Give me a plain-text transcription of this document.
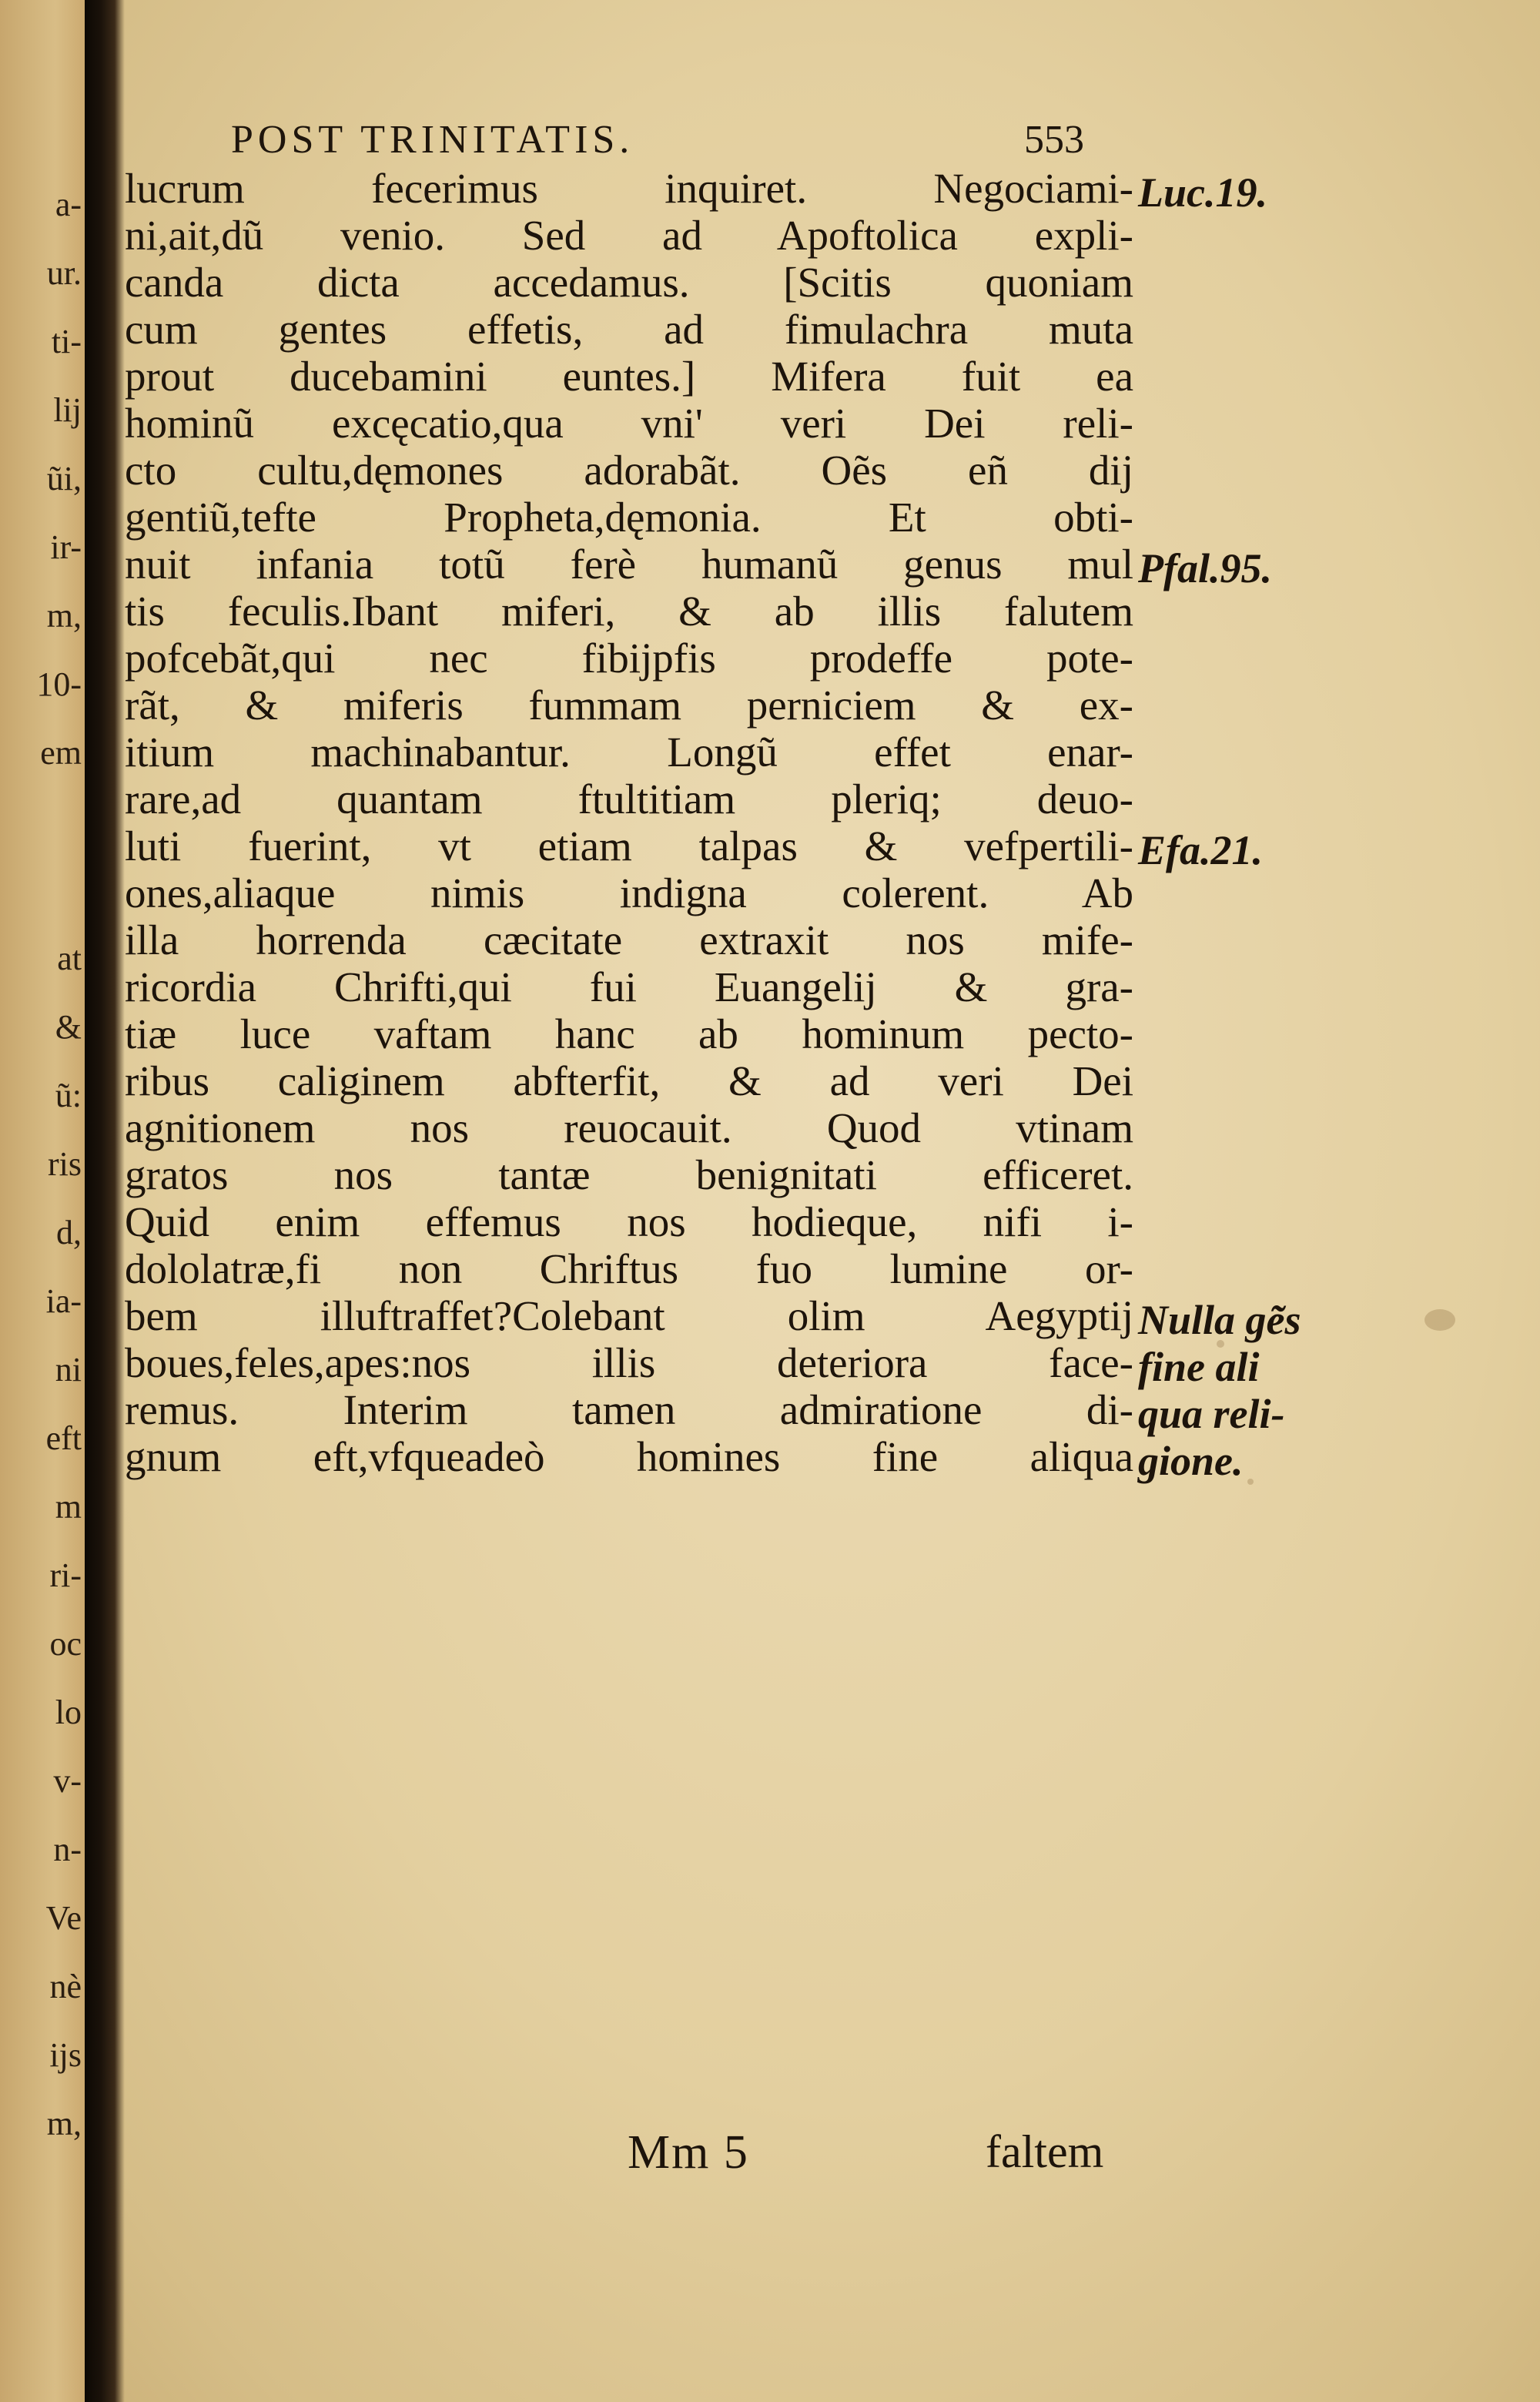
a-
ur.
ti-
lij
ũi,
ir-
m,
10-
em
at
&
ũ:
ris
d,
ia-
ni
eft
m
ri-
oc
lo
v-
n-
Ve
nè
ijs
m,
POST TRINITATIS.	553
lucrum fecerimus inquiret. Negociami-
ni,ait,dũ venio. Sed ad Apoftolica expli-
canda dicta accedamus. [Scitis quoniam
cum gentes effetis, ad fimulachra muta
prout ducebamini euntes.] Mifera fuit ea
hominũ excęcatio,qua vni' veri Dei reli-
cto cultu,dęmones adorabãt. Oẽs eñ dij
gentiũ,tefte Propheta,dęmonia. Et obti-
nuit infania totũ ferè humanũ genus mul
tis feculis.Ibant miferi, & ab illis falutem
pofcebãt,qui nec fibijpfis prodeffe pote-
rãt, & miferis fummam perniciem & ex-
itium machinabantur. Longũ effet enar-
rare,ad quantam ftultitiam pleriq; deuo-
luti fuerint, vt etiam talpas & vefpertili-
ones,aliaque nimis indigna colerent. Ab
illa horrenda cæcitate extraxit nos mife-
ricordia Chrifti,qui fui Euangelij & gra-
tiæ luce vaftam hanc ab hominum pecto-
ribus caliginem abfterfit, & ad veri Dei
agnitionem nos reuocauit. Quod vtinam
gratos nos tantæ benignitati efficeret.
Quid enim effemus nos hodieque, nifi i-
dololatræ,fi non Chriftus fuo lumine or-
bem illuftraffet?Colebant olim Aegyptij
boues,feles,apes:nos illis deteriora face-
remus. Interim tamen admiratione di-
gnum eft,vfqueadeò homines fine aliqua
Luc.19.
Pfal.95.
Efa.21.
Nulla gẽs
fine ali
qua reli-
gione.
Mm 5	faltem
